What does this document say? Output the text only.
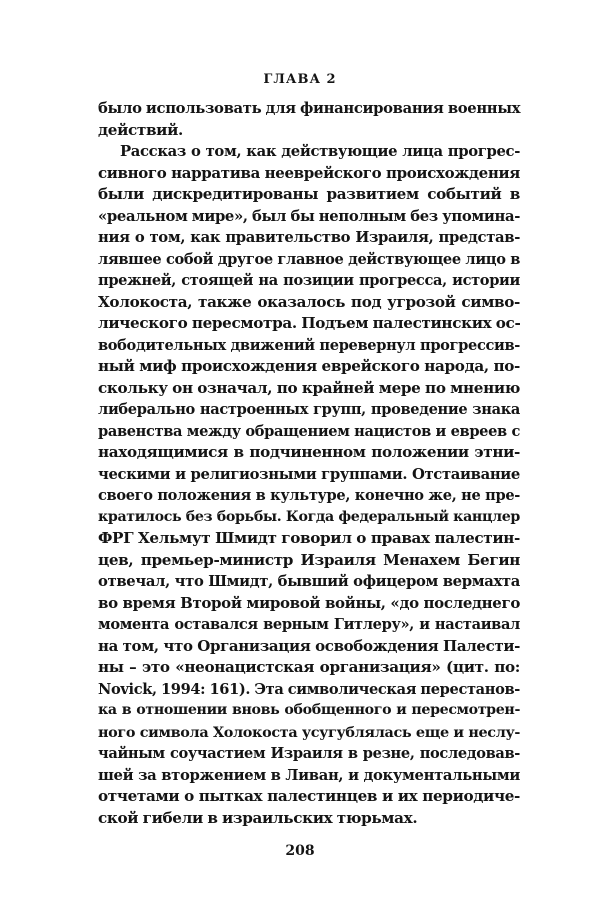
ГЛАВА 2
было использовать для финансирования военных
действий.
Рассказ о том, как действующие лица прогрес-
сивного нарратива нееврейского происхождения
были дискредитированы развитием событий в
«реальном мире», был бы неполным без упомина-
ния о том, как правительство Израиля, представ-
лявшее собой другое главное действующее лицо в
прежней, стоящей на позиции прогресса, истории
Холокоста, также оказалось под угрозой симво-
лического пересмотра. Подъем палестинских ос-
вободительных движений перевернул прогрессив-
ный миф происхождения еврейского народа, по-
скольку он означал, по крайней мере по мнению
либерально настроенных групп, проведение знака
равенства между обращением нацистов и евреев с
находящимися в подчиненном положении этни-
ческими и религиозными группами. Отстаивание
своего положения в культуре, конечно же, не пре-
кратилось без борьбы. Когда федеральный канцлер
ФРГ Хельмут Шмидт говорил о правах палестин-
цев, премьер-министр Израиля Менахем Бегин
отвечал, что Шмидт, бывший офицером вермахта
во время Второй мировой войны, «до последнего
момента оставался верным Гитлеру», и настаивал
на том, что Организация освобождения Палести-
ны – это «неонацистская организация» (цит. по:
Novick, 1994: 161). Эта символическая перестанов-
ка в отношении вновь обобщенного и пересмотрен-
ного символа Холокоста усугублялась еще и неслу-
чайным соучастием Израиля в резне, последовав-
шей за вторжением в Ливан, и документальными
отчетами о пытках палестинцев и их периодиче-
ской гибели в израильских тюрьмах.
208
